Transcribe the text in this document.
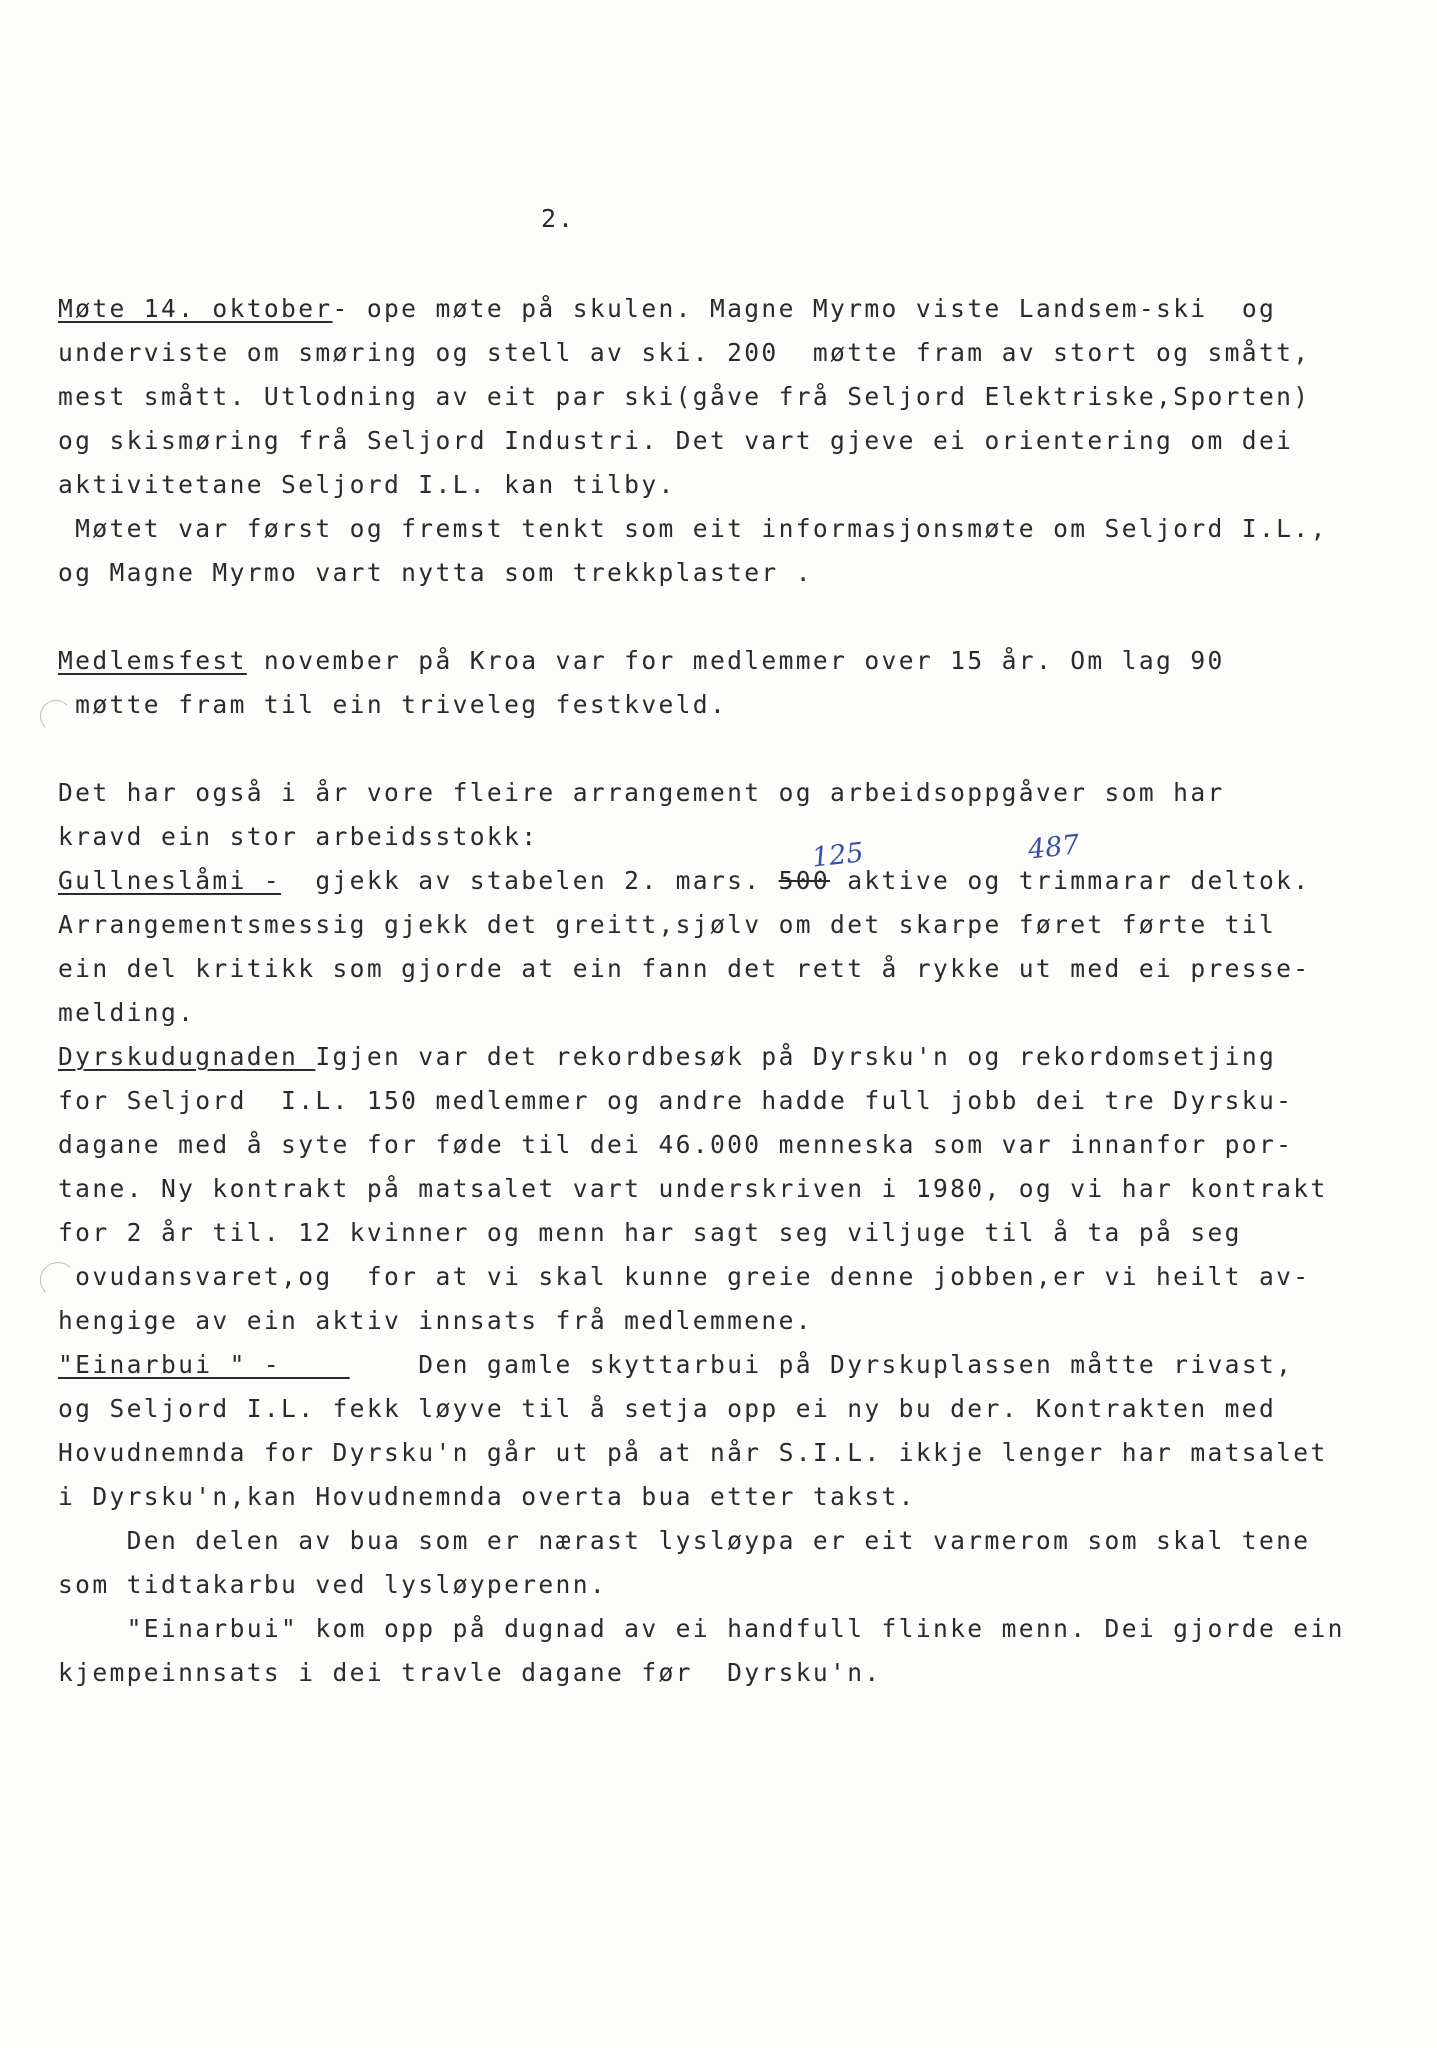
2.
Møte 14. oktober- ope møte på skulen. Magne Myrmo viste Landsem-ski  og
underviste om smøring og stell av ski. 200  møtte fram av stort og smått,
mest smått. Utlodning av eit par ski(gåve frå Seljord Elektriske,Sporten)
og skismøring frå Seljord Industri. Det vart gjeve ei orientering om dei
aktivitetane Seljord I.L. kan tilby.
Møtet var først og fremst tenkt som eit informasjonsmøte om Seljord I.L.,
og Magne Myrmo vart nytta som trekkplaster .
Medlemsfest november på Kroa var for medlemmer over 15 år. Om lag 90
møtte fram til ein triveleg festkveld.
Det har også i år vore fleire arrangement og arbeidsoppgåver som har
kravd ein stor arbeidsstokk:
Gullneslåmi -  gjekk av stabelen 2. mars. 500 aktive og trimmarar deltok.
Arrangementsmessig gjekk det greitt,sjølv om det skarpe føret førte til
ein del kritikk som gjorde at ein fann det rett å rykke ut med ei presse-
melding.
Dyrskudugnaden Igjen var det rekordbesøk på Dyrsku'n og rekordomsetjing
for Seljord  I.L. 150 medlemmer og andre hadde full jobb dei tre Dyrsku-
dagane med å syte for føde til dei 46.000 menneska som var innanfor por-
tane. Ny kontrakt på matsalet vart underskriven i 1980, og vi har kontrakt
for 2 år til. 12 kvinner og menn har sagt seg viljuge til å ta på seg
ovudansvaret,og  for at vi skal kunne greie denne jobben,er vi heilt av-
hengige av ein aktiv innsats frå medlemmene.
"Einarbui " -        Den gamle skyttarbui på Dyrskuplassen måtte rivast,
og Seljord I.L. fekk løyve til å setja opp ei ny bu der. Kontrakten med
Hovudnemnda for Dyrsku'n går ut på at når S.I.L. ikkje lenger har matsalet
i Dyrsku'n,kan Hovudnemnda overta bua etter takst.
Den delen av bua som er nærast lysløypa er eit varmerom som skal tene
som tidtakarbu ved lysløyperenn.
"Einarbui" kom opp på dugnad av ei handfull flinke menn. Dei gjorde ein
kjempeinnsats i dei travle dagane før  Dyrsku'n.
125	487
